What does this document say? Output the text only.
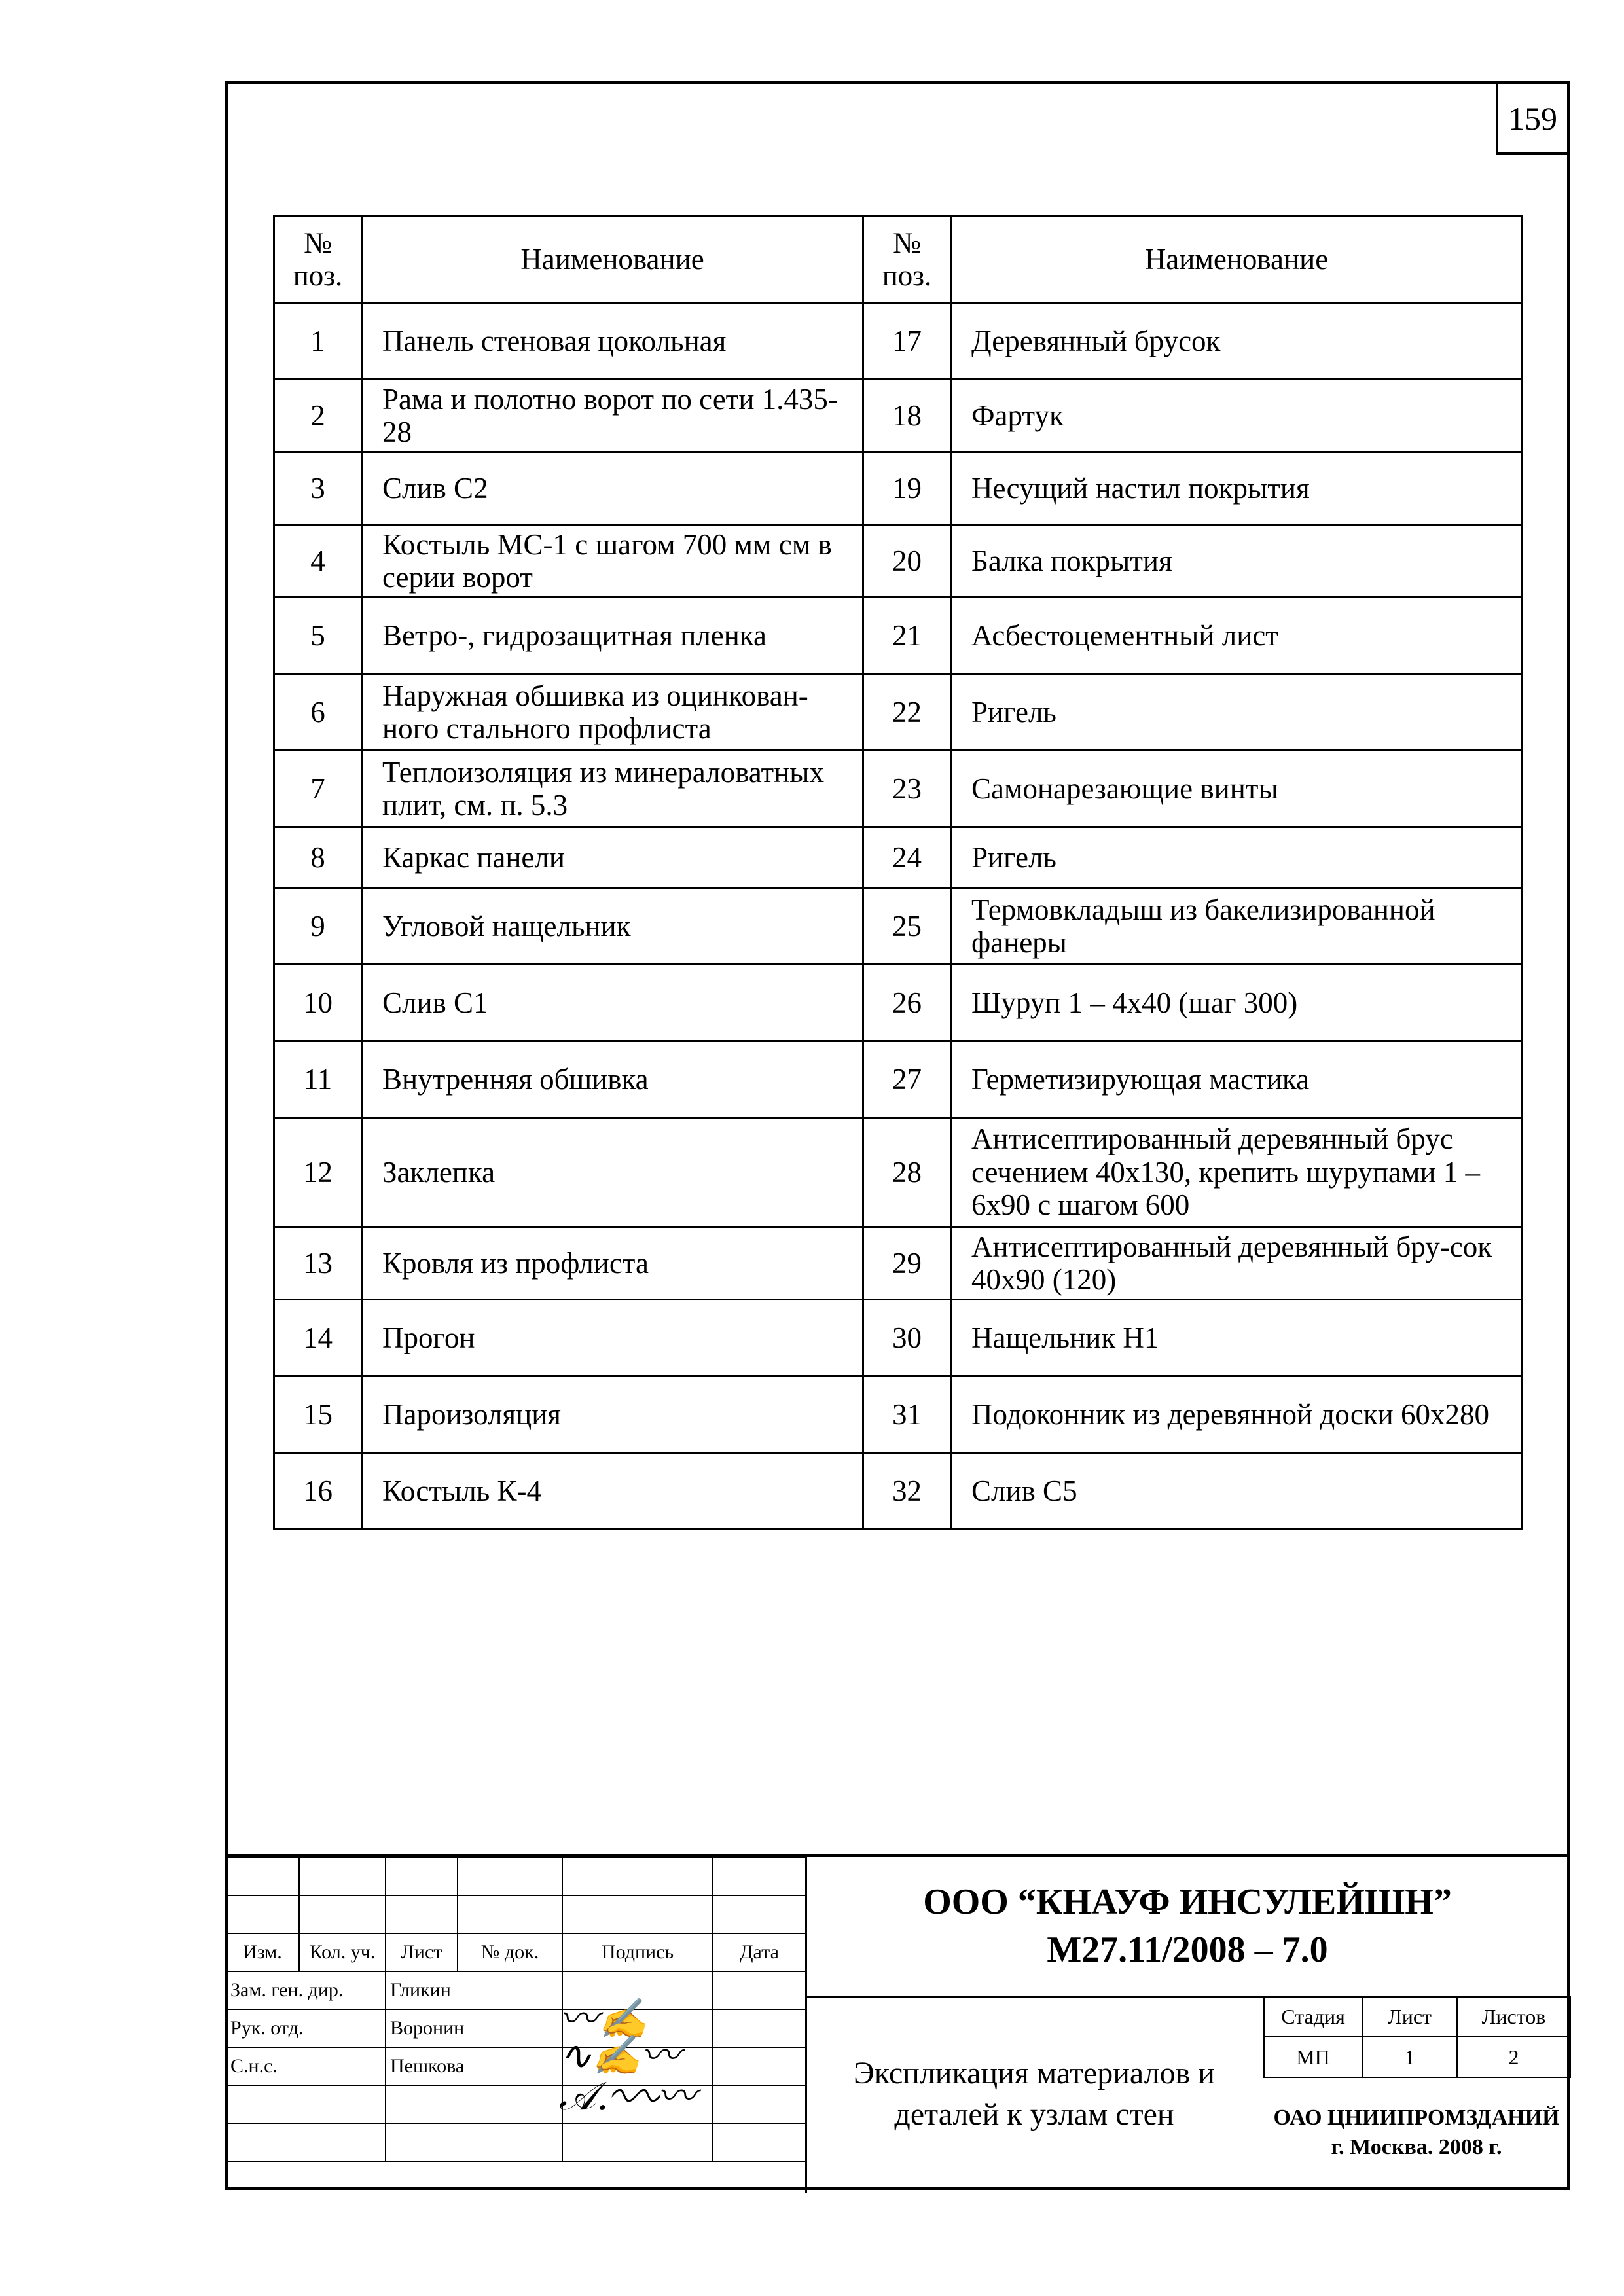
159
№ поз.	Наименование	№ поз.	Наименование
1	Панель стеновая цокольная	17	Деревянный брусок
2	Рама и полотно ворот по сети 1.435-28	18	Фартук
3	Слив С2	19	Несущий настил покрытия
4	Костыль МС-1 с шагом 700 мм см в серии ворот	20	Балка покрытия
5	Ветро-, гидрозащитная пленка	21	Асбестоцементный лист
6	Наружная обшивка из оцинкован-ного стального профлиста	22	Ригель
7	Теплоизоляция из минераловатных плит, см. п. 5.3	23	Самонарезающие винты
8	Каркас панели	24	Ригель
9	Угловой нащельник	25	Термовкладыш из бакелизированной фанеры
10	Слив С1	26	Шуруп 1 – 4х40 (шаг 300)
11	Внутренняя обшивка	27	Герметизирующая мастика
12	Заклепка	28	Антисептированный деревянный брус сечением 40х130, крепить шурупами 1 – 6х90 с шагом 600
13	Кровля из профлиста	29	Антисептированный деревянный бру-сок 40х90 (120)
14	Прогон	30	Нащельник Н1
15	Пароизоляция	31	Подоконник из деревянной доски 60х280
16	Костыль К-4	32	Слив С5

Изм.	Кол. уч.	Лист	№ док.	Подпись	Дата
Зам. ген. дир.		Гликин			
Рук. отд.		Воронин			
С.н.с.		Пешкова			

〰✍
∿✍〰
𝒜.∿∿〰
ООО “КНАУФ ИНСУЛЕЙШН”
М27.11/2008 – 7.0
Экспликация материалов и деталей к узлам стен
Стадия	Лист	Листов
МП	1	2
ОАО ЦНИИПРОМЗДАНИЙ
г. Москва. 2008 г.
